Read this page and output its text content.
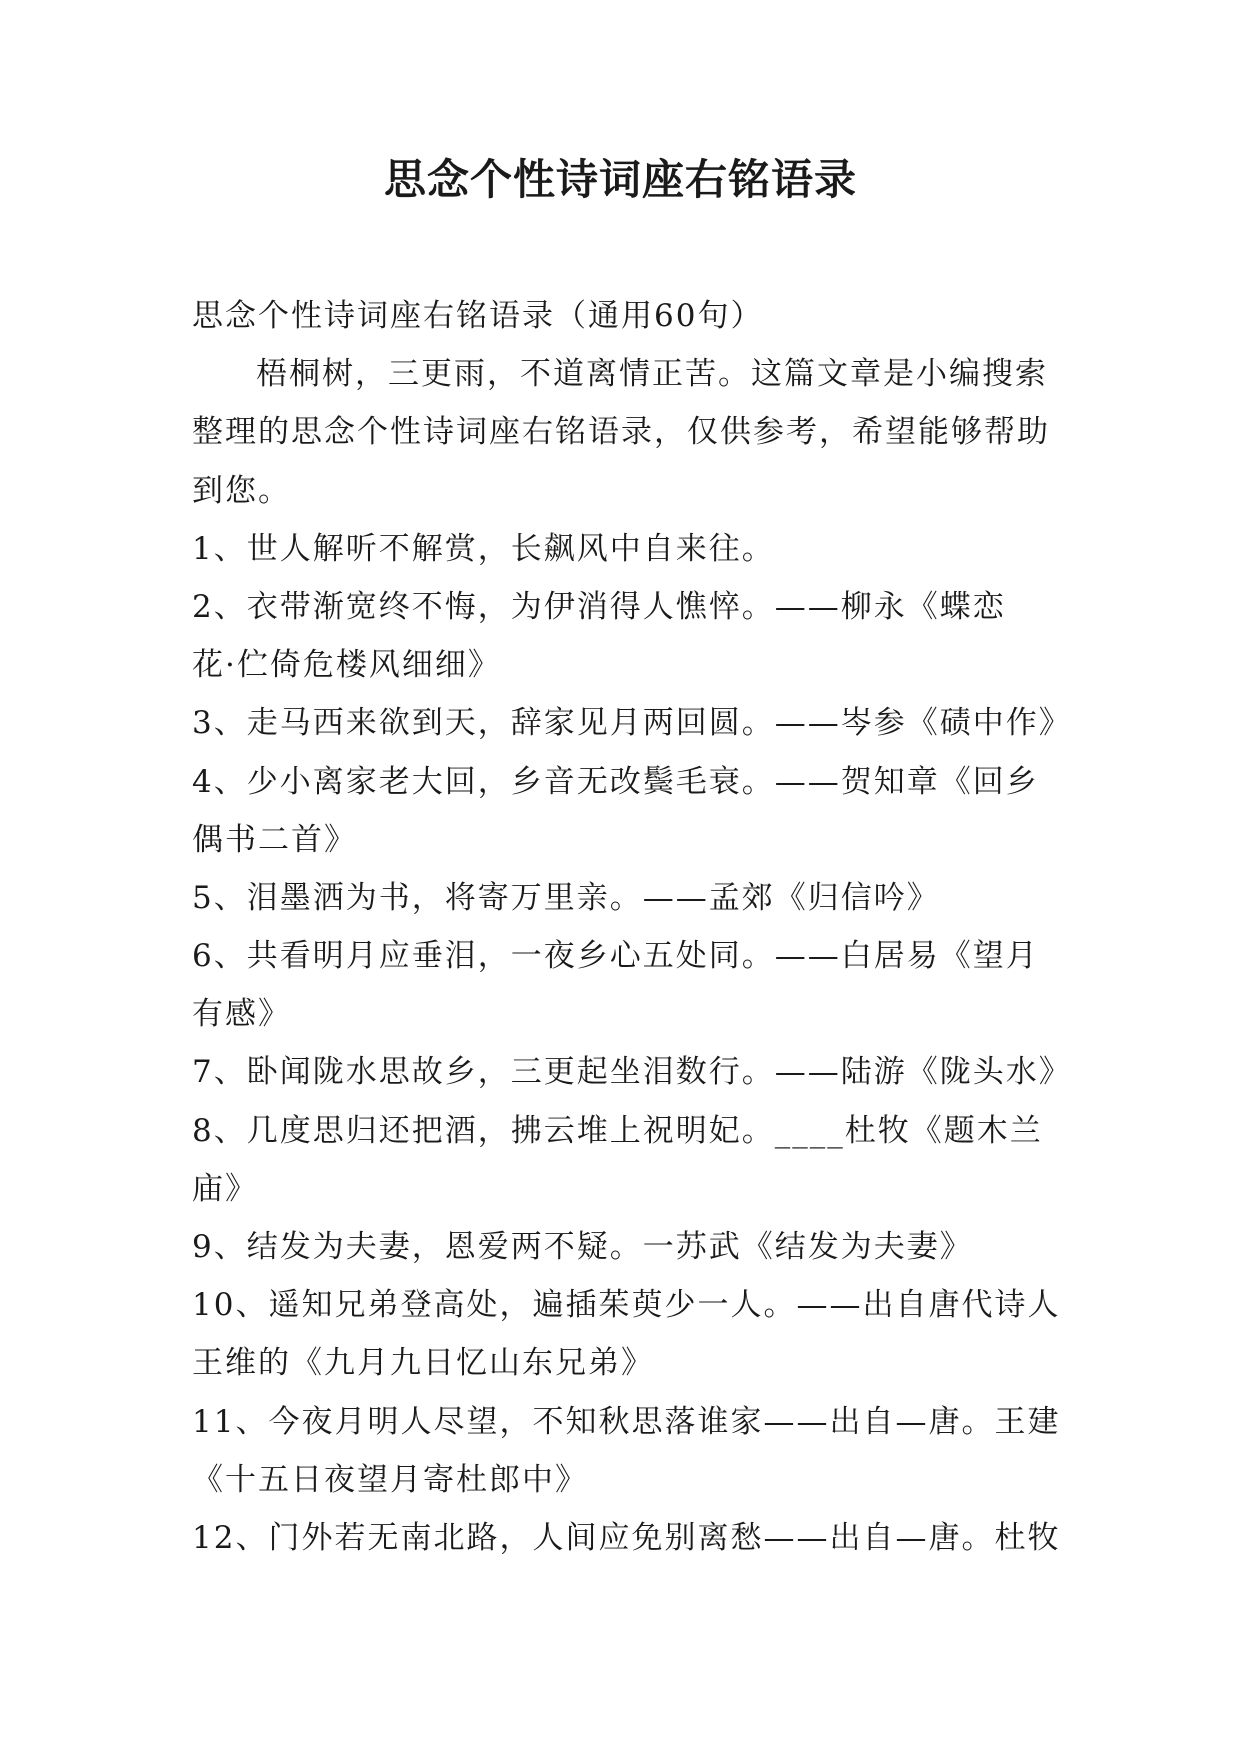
思念个性诗词座右铭语录
思念个性诗词座右铭语录（通用60句）
梧桐树，三更雨，不道离情正苦。这篇文章是小编搜索
整理的思念个性诗词座右铭语录，仅供参考，希望能够帮助
到您。
1、世人解听不解赏，长飙风中自来往。
2、衣带渐宽终不悔，为伊消得人憔悴。——柳永《蝶恋
花·伫倚危楼风细细》
3、走马西来欲到天，辞家见月两回圆。——岑参《碛中作》
4、少小离家老大回，乡音无改鬓毛衰。——贺知章《回乡
偶书二首》
5、泪墨洒为书，将寄万里亲。——孟郊《归信吟》
6、共看明月应垂泪，一夜乡心五处同。——白居易《望月
有感》
7、卧闻陇水思故乡，三更起坐泪数行。——陆游《陇头水》
8、几度思归还把酒，拂云堆上祝明妃。____杜牧《题木兰
庙》
9、结发为夫妻，恩爱两不疑。一苏武《结发为夫妻》
10、遥知兄弟登高处，遍插茱萸少一人。——出自唐代诗人
王维的《九月九日忆山东兄弟》
11、今夜月明人尽望，不知秋思落谁家——出自—唐。王建
《十五日夜望月寄杜郎中》
12、门外若无南北路，人间应免别离愁——出自—唐。杜牧
